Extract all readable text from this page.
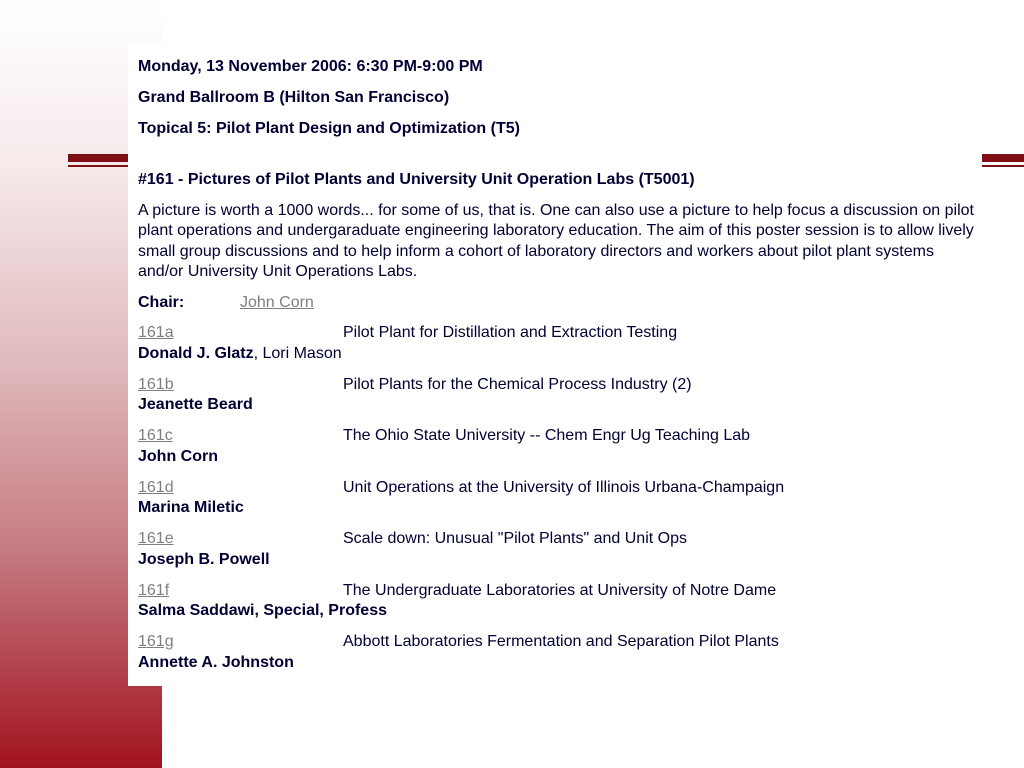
Monday, 13 November 2006: 6:30 PM-9:00 PM

Grand Ballroom B (Hilton San Francisco)

Topical 5: Pilot Plant Design and Optimization (T5)

#161 - Pictures of Pilot Plants and University Unit Operation Labs (T5001)

A picture is worth a 1000 words... for some of us, that is. One can also use a picture to help focus a discussion on pilot plant operations and undergaraduate engineering laboratory education. The aim of this poster session is to allow lively small group discussions and to help inform a cohort of laboratory directors and workers about pilot plant systems and/or University Unit Operations Labs.

Chair:	John Corn

161a	Pilot Plant for Distillation and Extraction Testing
Donald J. Glatz, Lori Mason
161b	Pilot Plants for the Chemical Process Industry (2)
Jeanette Beard
161c	The Ohio State University -- Chem Engr Ug Teaching Lab
John Corn
161d	Unit Operations at the University of Illinois Urbana-Champaign
Marina Miletic
161e	Scale down: Unusual "Pilot Plants" and Unit Ops
Joseph B. Powell
161f	The Undergraduate Laboratories at University of Notre Dame
Salma Saddawi, Special, Profess
161g	Abbott Laboratories Fermentation and Separation Pilot Plants
Annette A. Johnston
